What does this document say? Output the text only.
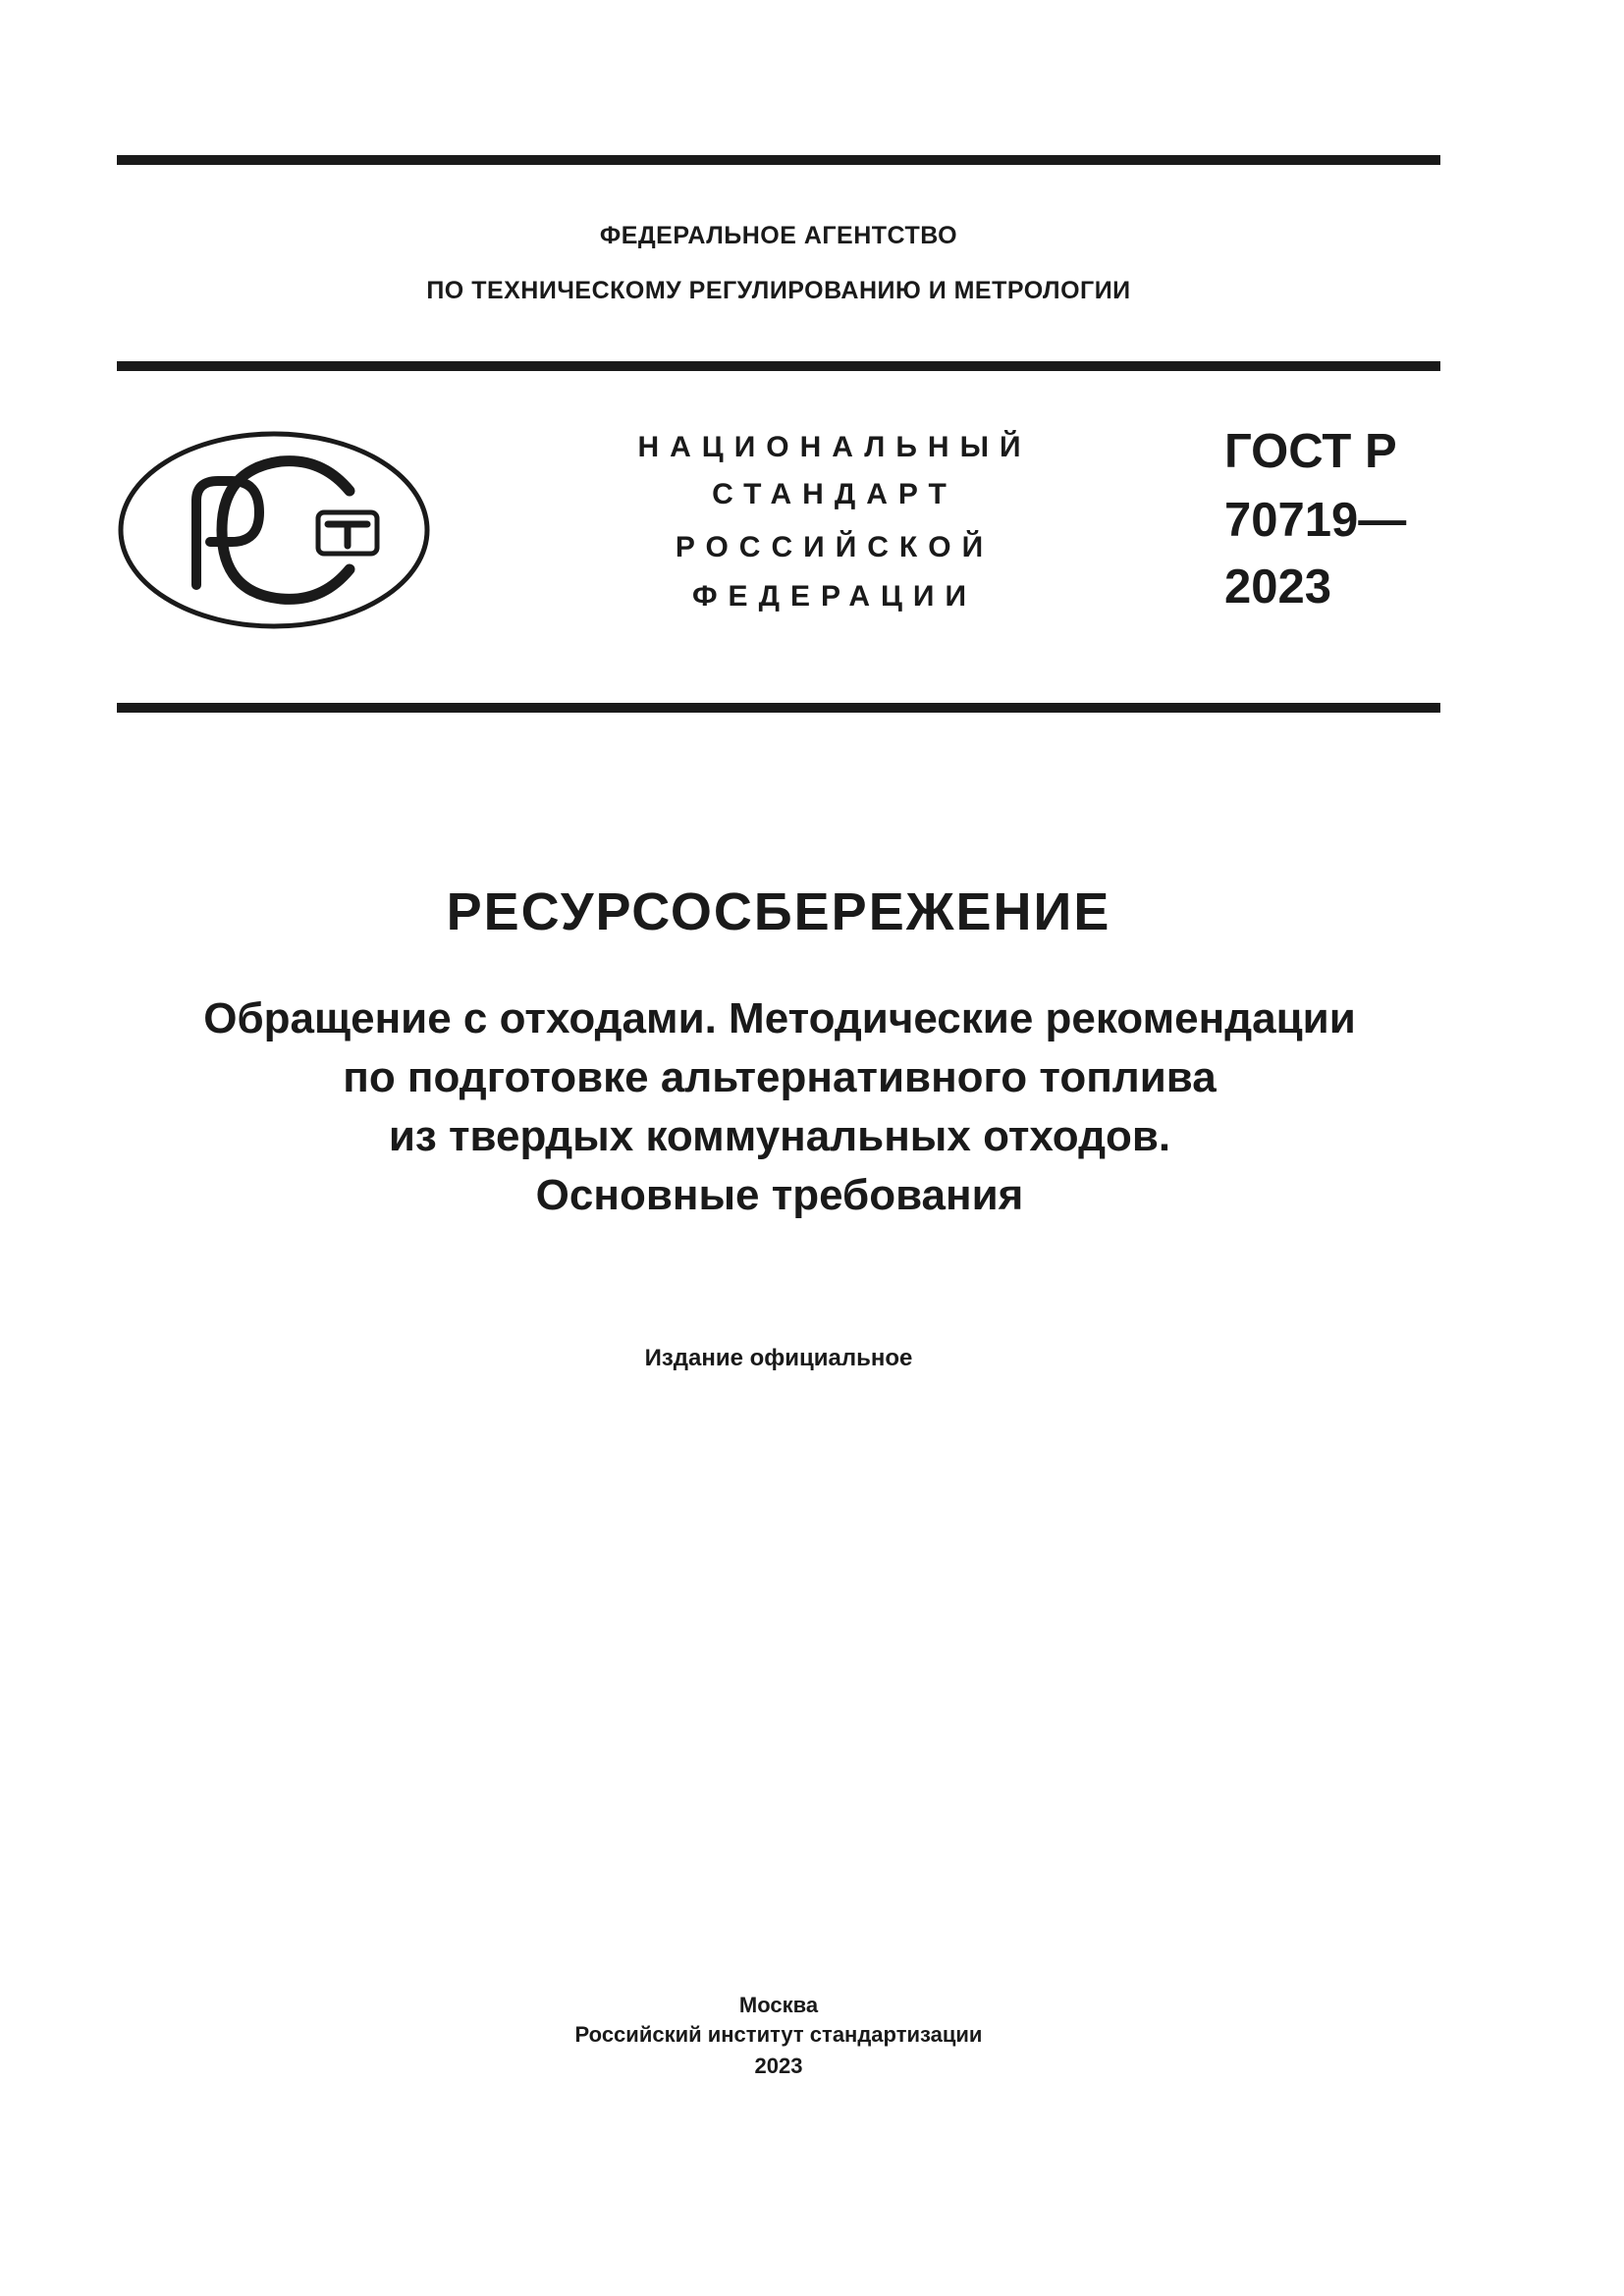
ФЕДЕРАЛЬНОЕ АГЕНТСТВО
ПО ТЕХНИЧЕСКОМУ РЕГУЛИРОВАНИЮ И МЕТРОЛОГИИ
НАЦИОНАЛЬНЫЙ
СТАНДАРТ
РОССИЙСКОЙ
ФЕДЕРАЦИИ
ГОСТ Р
70719—
2023
РЕСУРСОСБЕРЕЖЕНИЕ
Обращение с отходами. Методические рекомендации
по подготовке альтернативного топлива
из твердых коммунальных отходов.
Основные требования
Издание официальное
Москва
Российский институт стандартизации
2023
